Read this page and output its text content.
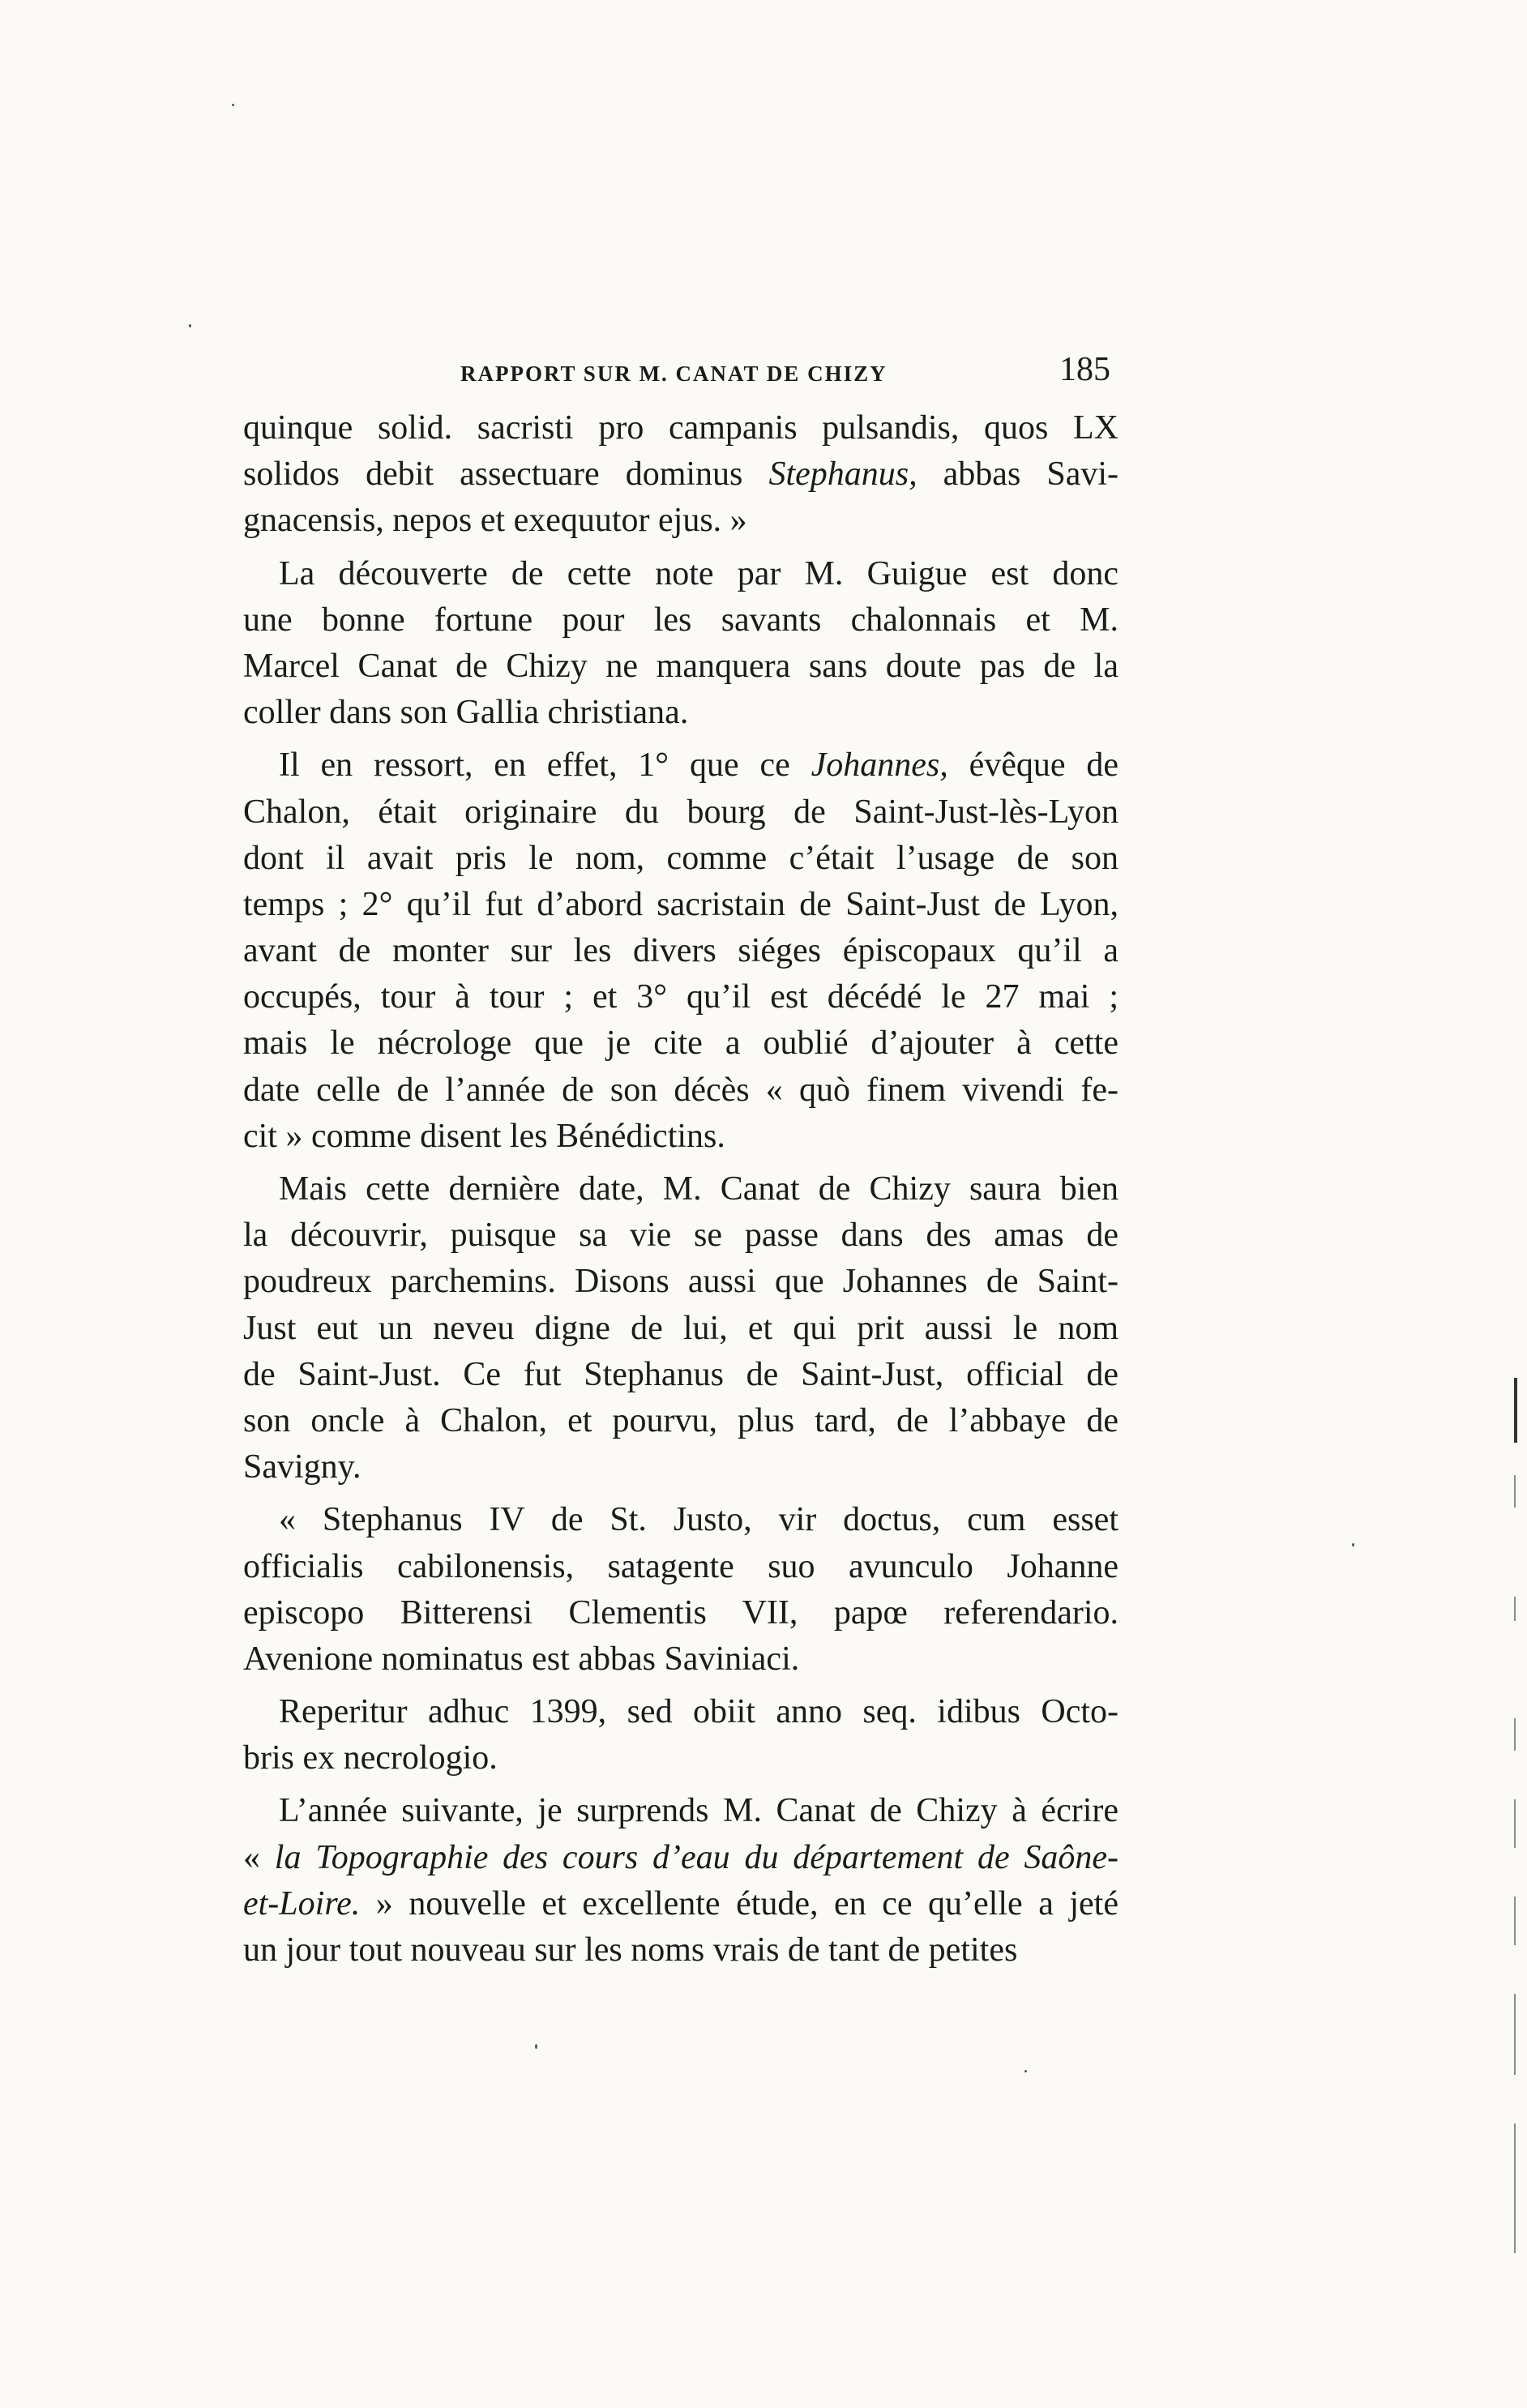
RAPPORT SUR M. CANAT DE CHIZY	185
quinque solid. sacristi pro campanis pulsandis, quos LX
solidos debit assectuare dominus Stephanus, abbas Savi-
gnacensis, nepos et exequutor ejus. »
La découverte de cette note par M. Guigue est donc
une bonne fortune pour les savants chalonnais et M.
Marcel Canat de Chizy ne manquera sans doute pas de la
coller dans son Gallia christiana.
Il en ressort, en effet, 1° que ce Johannes, évêque de
Chalon, était originaire du bourg de Saint-Just-lès-Lyon
dont il avait pris le nom, comme c’était l’usage de son
temps ; 2° qu’il fut d’abord sacristain de Saint-Just de Lyon,
avant de monter sur les divers siéges épiscopaux qu’il a
occupés, tour à tour ; et 3° qu’il est décédé le 27 mai ;
mais le nécrologe que je cite a oublié d’ajouter à cette
date celle de l’année de son décès « quò finem vivendi fe-
cit » comme disent les Bénédictins.
Mais cette dernière date, M. Canat de Chizy saura bien
la découvrir, puisque sa vie se passe dans des amas de
poudreux parchemins. Disons aussi que Johannes de Saint-
Just eut un neveu digne de lui, et qui prit aussi le nom
de Saint-Just. Ce fut Stephanus de Saint-Just, official de
son oncle à Chalon, et pourvu, plus tard, de l’abbaye de
Savigny.
« Stephanus IV de St. Justo, vir doctus, cum esset
officialis cabilonensis, satagente suo avunculo Johanne
episcopo Bitterensi Clementis VII, papœ referendario.
Avenione nominatus est abbas Saviniaci.
Reperitur adhuc 1399, sed obiit anno seq. idibus Octo-
bris ex necrologio.
L’année suivante, je surprends M. Canat de Chizy à écrire
« la Topographie des cours d’eau du département de Saône-
et-Loire. » nouvelle et excellente étude, en ce qu’elle a jeté
un jour tout nouveau sur les noms vrais de tant de petites
